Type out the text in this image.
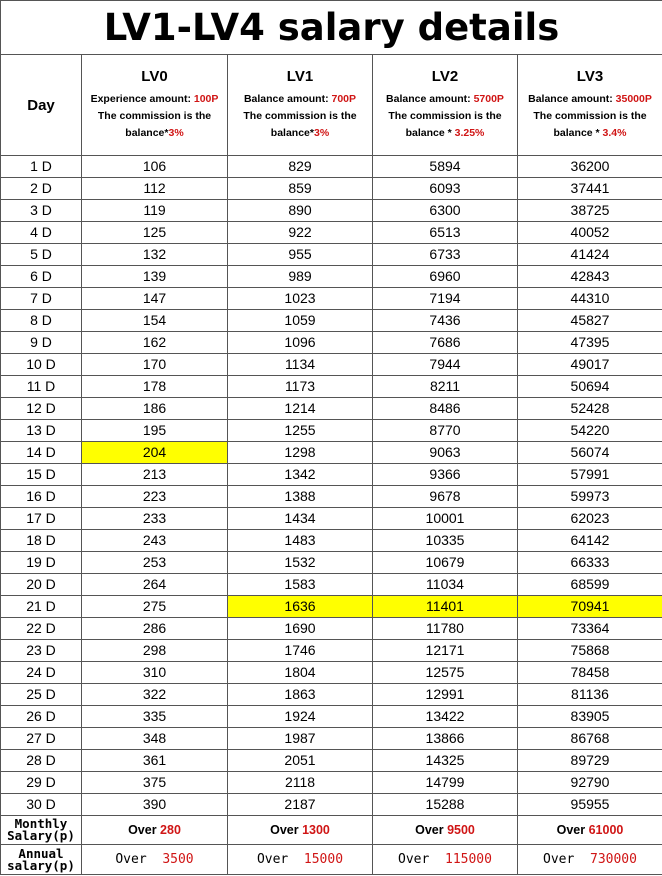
LV1-LV4 salary details				
Day	LV0
Experience amount: 100P
The commission is the
balance*3%	LV1
Balance amount: 700P
The commission is the
balance*3%	LV2
Balance amount: 5700P
The commission is the
balance * 3.25%	LV3
Balance amount: 35000P
The commission is the
balance * 3.4%

1 D	106	829	5894	36200
2 D	112	859	6093	37441
3 D	119	890	6300	38725
4 D	125	922	6513	40052
5 D	132	955	6733	41424
6 D	139	989	6960	42843
7 D	147	1023	7194	44310
8 D	154	1059	7436	45827
9 D	162	1096	7686	47395
10 D	170	1134	7944	49017
11 D	178	1173	8211	50694
12 D	186	1214	8486	52428
13 D	195	1255	8770	54220
14 D	204	1298	9063	56074
15 D	213	1342	9366	57991
16 D	223	1388	9678	59973
17 D	233	1434	10001	62023
18 D	243	1483	10335	64142
19 D	253	1532	10679	66333
20 D	264	1583	11034	68599
21 D	275	1636	11401	70941
22 D	286	1690	11780	73364
23 D	298	1746	12171	75868
24 D	310	1804	12575	78458
25 D	322	1863	12991	81136
26 D	335	1924	13422	83905
27 D	348	1987	13866	86768
28 D	361	2051	14325	89729
29 D	375	2118	14799	92790
30 D	390	2187	15288	95955

Monthly
Salary(p)	Over 280	Over 1300	Over 9500	Over 61000

Annual
salary(p)	Over  3500	Over  15000	Over  115000	Over  730000
